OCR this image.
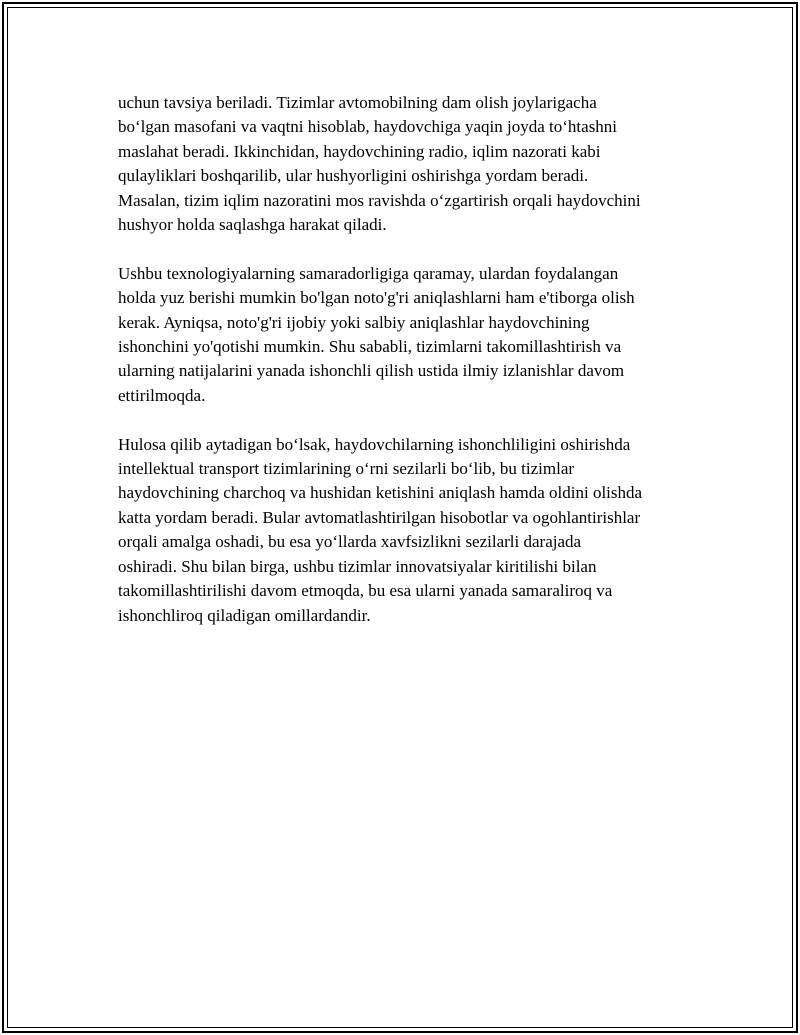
uchun tavsiya beriladi. Tizimlar avtomobilning dam olish joylarigacha
bo‘lgan masofani va vaqtni hisoblab, haydovchiga yaqin joyda to‘htashni
maslahat beradi. Ikkinchidan, haydovchining radio, iqlim nazorati kabi
qulayliklari boshqarilib, ular hushyorligini oshirishga yordam beradi.
Masalan, tizim iqlim nazoratini mos ravishda o‘zgartirish orqali haydovchini
hushyor holda saqlashga harakat qiladi.

Ushbu texnologiyalarning samaradorligiga qaramay, ulardan foydalangan
holda yuz berishi mumkin bo'lgan noto'g'ri aniqlashlarni ham e'tiborga olish
kerak. Ayniqsa, noto'g'ri ijobiy yoki salbiy aniqlashlar haydovchining
ishonchini yo'qotishi mumkin. Shu sababli, tizimlarni takomillashtirish va
ularning natijalarini yanada ishonchli qilish ustida ilmiy izlanishlar davom
ettirilmoqda.

Hulosa qilib aytadigan bo‘lsak, haydovchilarning ishonchliligini oshirishda
intellektual transport tizimlarining o‘rni sezilarli bo‘lib, bu tizimlar
haydovchining charchoq va hushidan ketishini aniqlash hamda oldini olishda
katta yordam beradi. Bular avtomatlashtirilgan hisobotlar va ogohlantirishlar
orqali amalga oshadi, bu esa yo‘llarda xavfsizlikni sezilarli darajada
oshiradi. Shu bilan birga, ushbu tizimlar innovatsiyalar kiritilishi bilan
takomillashtirilishi davom etmoqda, bu esa ularni yanada samaraliroq va
ishonchliroq qiladigan omillardandir.
